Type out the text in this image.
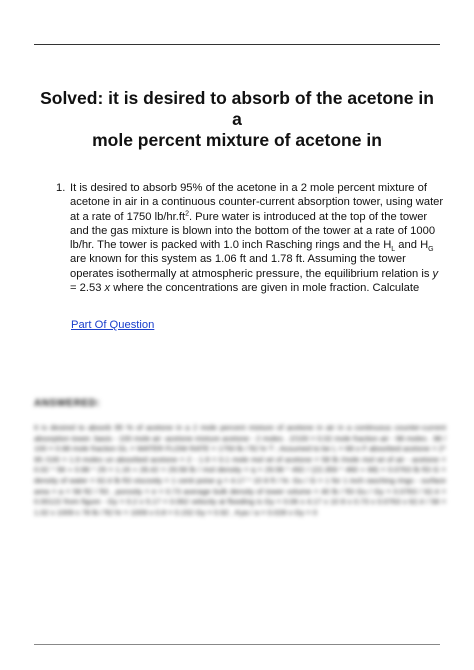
Solved: it is desired to absorb of the acetone in a
mole percent mixture of acetone in
1. It is desired to absorb 95% of the acetone in a 2 mole percent mixture of acetone in air in a continuous counter-current absorption tower, using water at a rate of 1750 $lb/hr.ft^2$. Pure water is introduced at the top of the tower and the gas mixture is blown into the bottom of the tower at a rate of 1000 lb/hr. The tower is packed with 1.0 inch Rasching rings and the $H_L$ and $H_G$ are known for this system as 1.06 ft and 1.78 ft. Assuming the tower operates isothermally at atmospheric pressure, the equilibrium relation is y = 2.53 x where the concentrations are given in mole fraction. Calculate
Part Of Question
ANSWERED:
It is desired to absorb 95 % of acetone in a 2 mole percent mixture of acetone in air in a continuous counter-current absorption tower. basis - 100 mole air -acetone mixture acetone - 2 moles . 2/100 = 0.02 mole fraction air - 98 moles . 98 / 100 = 0.98 mole fraction GL = WATER FLOW RATE = 1750 lb / ft2 hr T ; Assumed to be L = 68 o F absorbed acetone = 2* 95 /100 = 1.9 moles un absorbed acetone = 2 - 1.9 = 0.1 mole mol wt of acetone = 58 lb /mole mol wt of air - acetone = 0.02 * 58 + 0.98 * 29 = 1.16 + 28.42 = 29.58 lb / mol density = q = 29.58 * 492 / (22.359 * 460 + 68) = 0.0763 lb ft3 G = density of water = 62.4 lb ft3 viscosity = 1 centi poise g = 4.17 * 10 8 ft / hr. Gu / G = 1 for 1 inch rasching rings - surface area = a = 58 ft2 / ft3 , porosity = e = 0.73 average bulk density of tower volume = 40 lb / ft3 Gu / Gy = 0.0763 / 62.4 = 0.00122 from figure - Gy = 0.2 x 5.17 = 0.062 velocity at flooding is Gy = 0.06 x 4.17 x 10 8 x 0.73 x 0.0763 x 62.4 / 58 = 1.02 x 1009 x 78 lb / ft2 hr = 1009 x 0.8 = 0.152 Gy = 0.92 , Kya / a = 0.028 x Gy = 0
